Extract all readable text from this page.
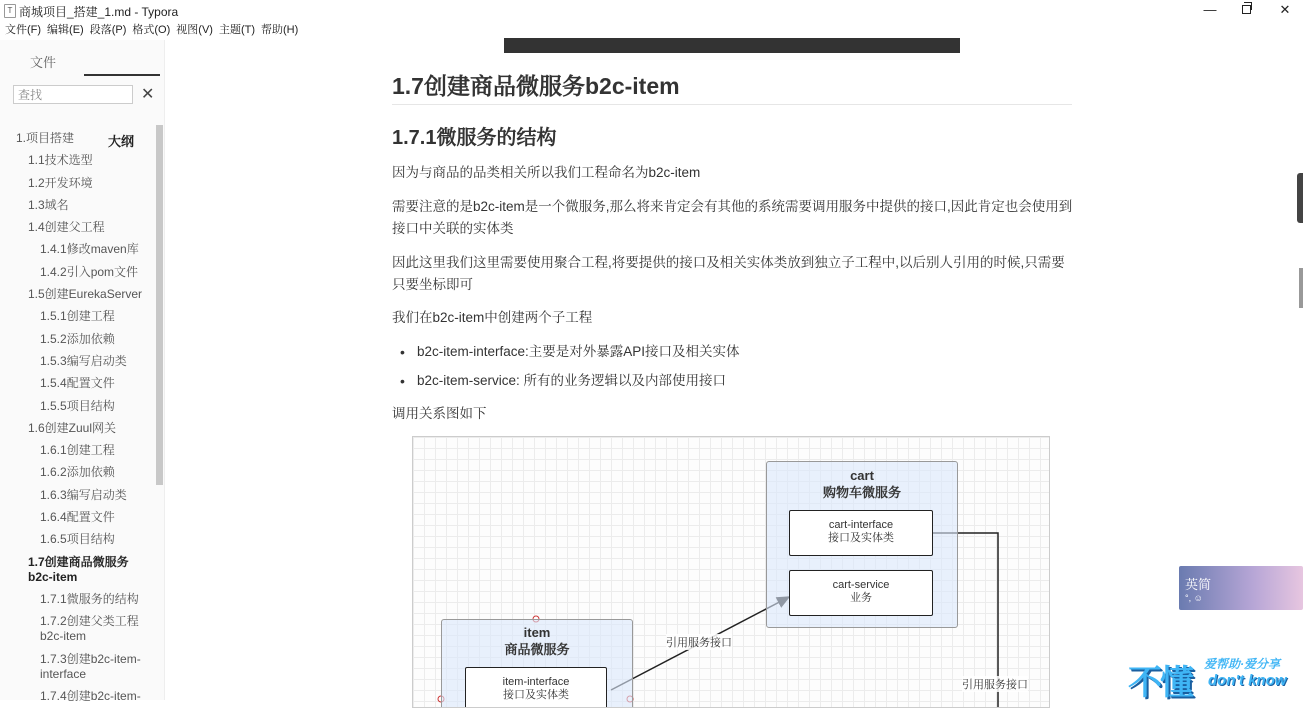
T 商城项目_搭建_1.md - Typora	—	✕
文件(F) 编辑(E) 段落(P) 格式(O) 视图(V) 主题(T) 帮助(H)
文件
大纲
查找	✕
1.项目搭建
1.1技术选型
1.2开发环境
1.3域名
1.4创建父工程
1.4.1修改maven库
1.4.2引入pom文件
1.5创建EurekaServer
1.5.1创建工程
1.5.2添加依赖
1.5.3编写启动类
1.5.4配置文件
1.5.5项目结构
1.6创建Zuul网关
1.6.1创建工程
1.6.2添加依赖
1.6.3编写启动类
1.6.4配置文件
1.6.5项目结构
1.7创建商品微服务
b2c-item
1.7.1微服务的结构
1.7.2创建父类工程
b2c-item
1.7.3创建b2c-item-
interface
1.7.4创建b2c-item-
1.7创建商品微服务b2c-item
1.7.1微服务的结构
因为与商品的品类相关所以我们工程命名为b2c-item
需要注意的是b2c-item是一个微服务,那么将来肯定会有其他的系统需要调用服务中提供的接口,因此肯定也会使用到接口中关联的实体类
因此这里我们这里需要使用聚合工程,将要提供的接口及相关实体类放到独立子工程中,以后别人引用的时候,只需要只要坐标即可
我们在b2c-item中创建两个子工程
• b2c-item-interface:主要是对外暴露API接口及相关实体
• b2c-item-service: 所有的业务逻辑以及内部使用接口
调用关系图如下
cart
购物车微服务
cart-interface
接口及实体类
cart-service
业务
item
商品微服务
item-interface
接口及实体类
引用服务接口
引用服务接口
英简
°, ☺
不懂 爱帮助·爱分享
don't know
